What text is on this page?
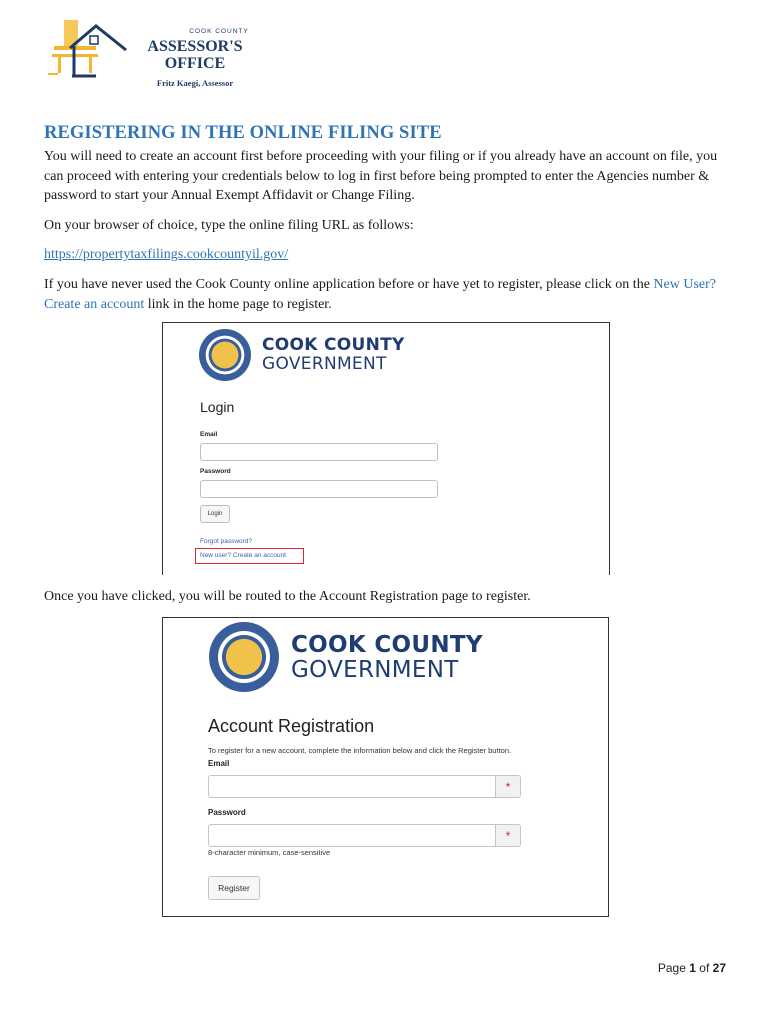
COOK COUNTY
ASSESSOR'S
OFFICE
Fritz Kaegi, Assessor
REGISTERING IN THE ONLINE FILING SITE

You will need to create an account first before proceeding with your filing or if you already have an account on file, you can proceed with entering your credentials below to log in first before being prompted to enter the Agencies number & password to start your Annual Exempt Affidavit or Change Filing.

On your browser of choice, type the online filing URL as follows:

https://propertytaxfilings.cookcountyil.gov/

If you have never used the Cook County online application before or have yet to register, please click on the New User? Create an account link in the home page to register.

COOK COUNTY
GOVERNMENT
Login
Email
Password
Login
Forgot password?
New user? Create an account

Once you have clicked, you will be routed to the Account Registration page to register.

COOK COUNTY
GOVERNMENT
Account Registration
To register for a new account, complete the information below and click the Register button.
Email
*
Password
*
8-character minimum, case-sensitive
Register
Page 1 of 27
